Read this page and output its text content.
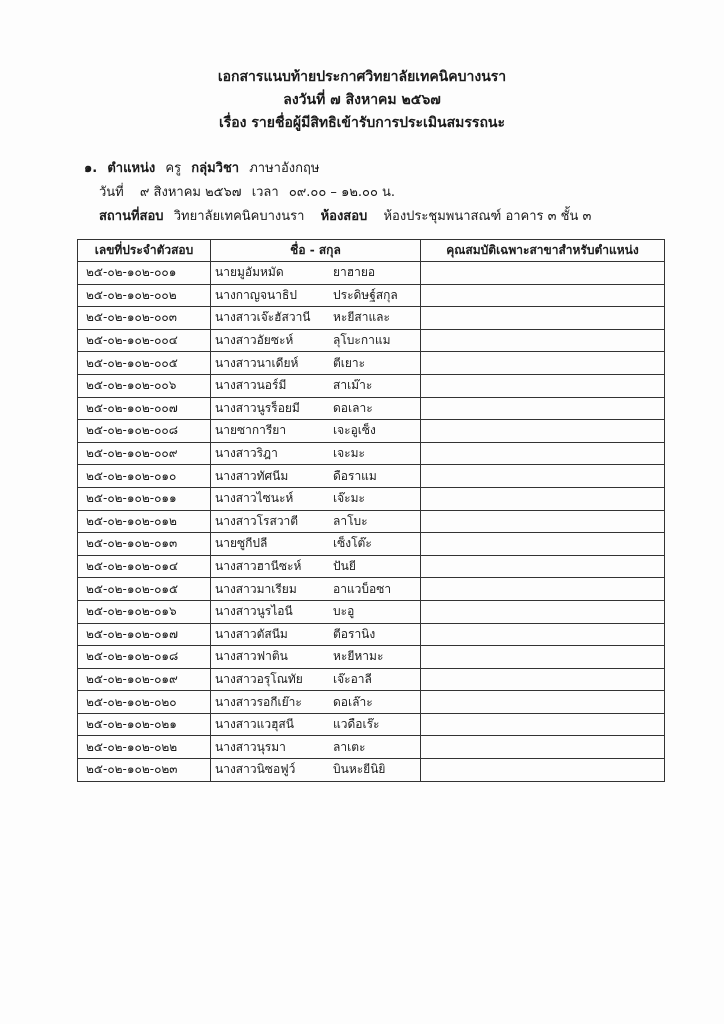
เอกสารแนบท้ายประกาศวิทยาลัยเทคนิคบางนรา
ลงวันที่ ๗ สิงหาคม ๒๕๖๗
เรื่อง รายชื่อผู้มีสิทธิเข้ารับการประเมินสมรรถนะ
๑. ตำแหน่ง ครู กลุ่มวิชา ภาษาอังกฤษ
วันที่ ๙ สิงหาคม ๒๕๖๗ เวลา ๐๙.๐๐ – ๑๒.๐๐ น.
สถานที่สอบ วิทยาลัยเทคนิคบางนรา ห้องสอบ ห้องประชุมพนาสณฑ์ อาคาร ๓ ชั้น ๓
เลขที่ประจำตัวสอบ	ชื่อ - สกุล	คุณสมบัติเฉพาะสาขาสำหรับตำแหน่ง
๒๕-๐๒-๑๐๒-๐๐๑	นายมูอัมหมัด ยาฮายอ	
๒๕-๐๒-๑๐๒-๐๐๒	นางกาญจนาธิป ประดิษฐ์สกุล	
๒๕-๐๒-๑๐๒-๐๐๓	นางสาวเจ๊ะฮัสวานี หะยีสาและ	
๒๕-๐๒-๑๐๒-๐๐๔	นางสาวอัยซะห์ ลุโบะกาแม	
๒๕-๐๒-๑๐๒-๐๐๕	นางสาวนาเดียห์ ตีเยาะ	
๒๕-๐๒-๑๐๒-๐๐๖	นางสาวนอร์มี สาเม๊าะ	
๒๕-๐๒-๑๐๒-๐๐๗	นางสาวนูรร็อยมี ดอเลาะ	
๒๕-๐๒-๑๐๒-๐๐๘	นายซาการียา เจะอูเซ็ง	
๒๕-๐๒-๑๐๒-๐๐๙	นางสาวริฎา เจะมะ	
๒๕-๐๒-๑๐๒-๐๑๐	นางสาวทัศนีม ดือราแม	
๒๕-๐๒-๑๐๒-๐๑๑	นางสาวไซนะห์ เจ๊ะมะ	
๒๕-๐๒-๑๐๒-๐๑๒	นางสาวโรสวาตี ลาโบะ	
๒๕-๐๒-๑๐๒-๐๑๓	นายซูกีปลี เซ็งโต๊ะ	
๒๕-๐๒-๑๐๒-๐๑๔	นางสาวฮานีซะห์ ปันยี	
๒๕-๐๒-๑๐๒-๐๑๕	นางสาวมาเรียม อาแวบ็อซา	
๒๕-๐๒-๑๐๒-๐๑๖	นางสาวนูรไอนี บะอู	
๒๕-๐๒-๑๐๒-๐๑๗	นางสาวตัสนีม ตีอรานิง	
๒๕-๐๒-๑๐๒-๐๑๘	นางสาวฟาติน หะยีหามะ	
๒๕-๐๒-๑๐๒-๐๑๙	นางสาวอรุโณทัย เจ๊ะอาลี	
๒๕-๐๒-๑๐๒-๐๒๐	นางสาวรอกีเย๊าะ ดอเล๊าะ	
๒๕-๐๒-๑๐๒-๐๒๑	นางสาวแวฮุสนี แวดือเร๊ะ	
๒๕-๐๒-๑๐๒-๐๒๒	นางสาวนุรมา ลาเตะ	
๒๕-๐๒-๑๐๒-๐๒๓	นางสาวนิซอฟูว์ บินหะยีนิยิ	
